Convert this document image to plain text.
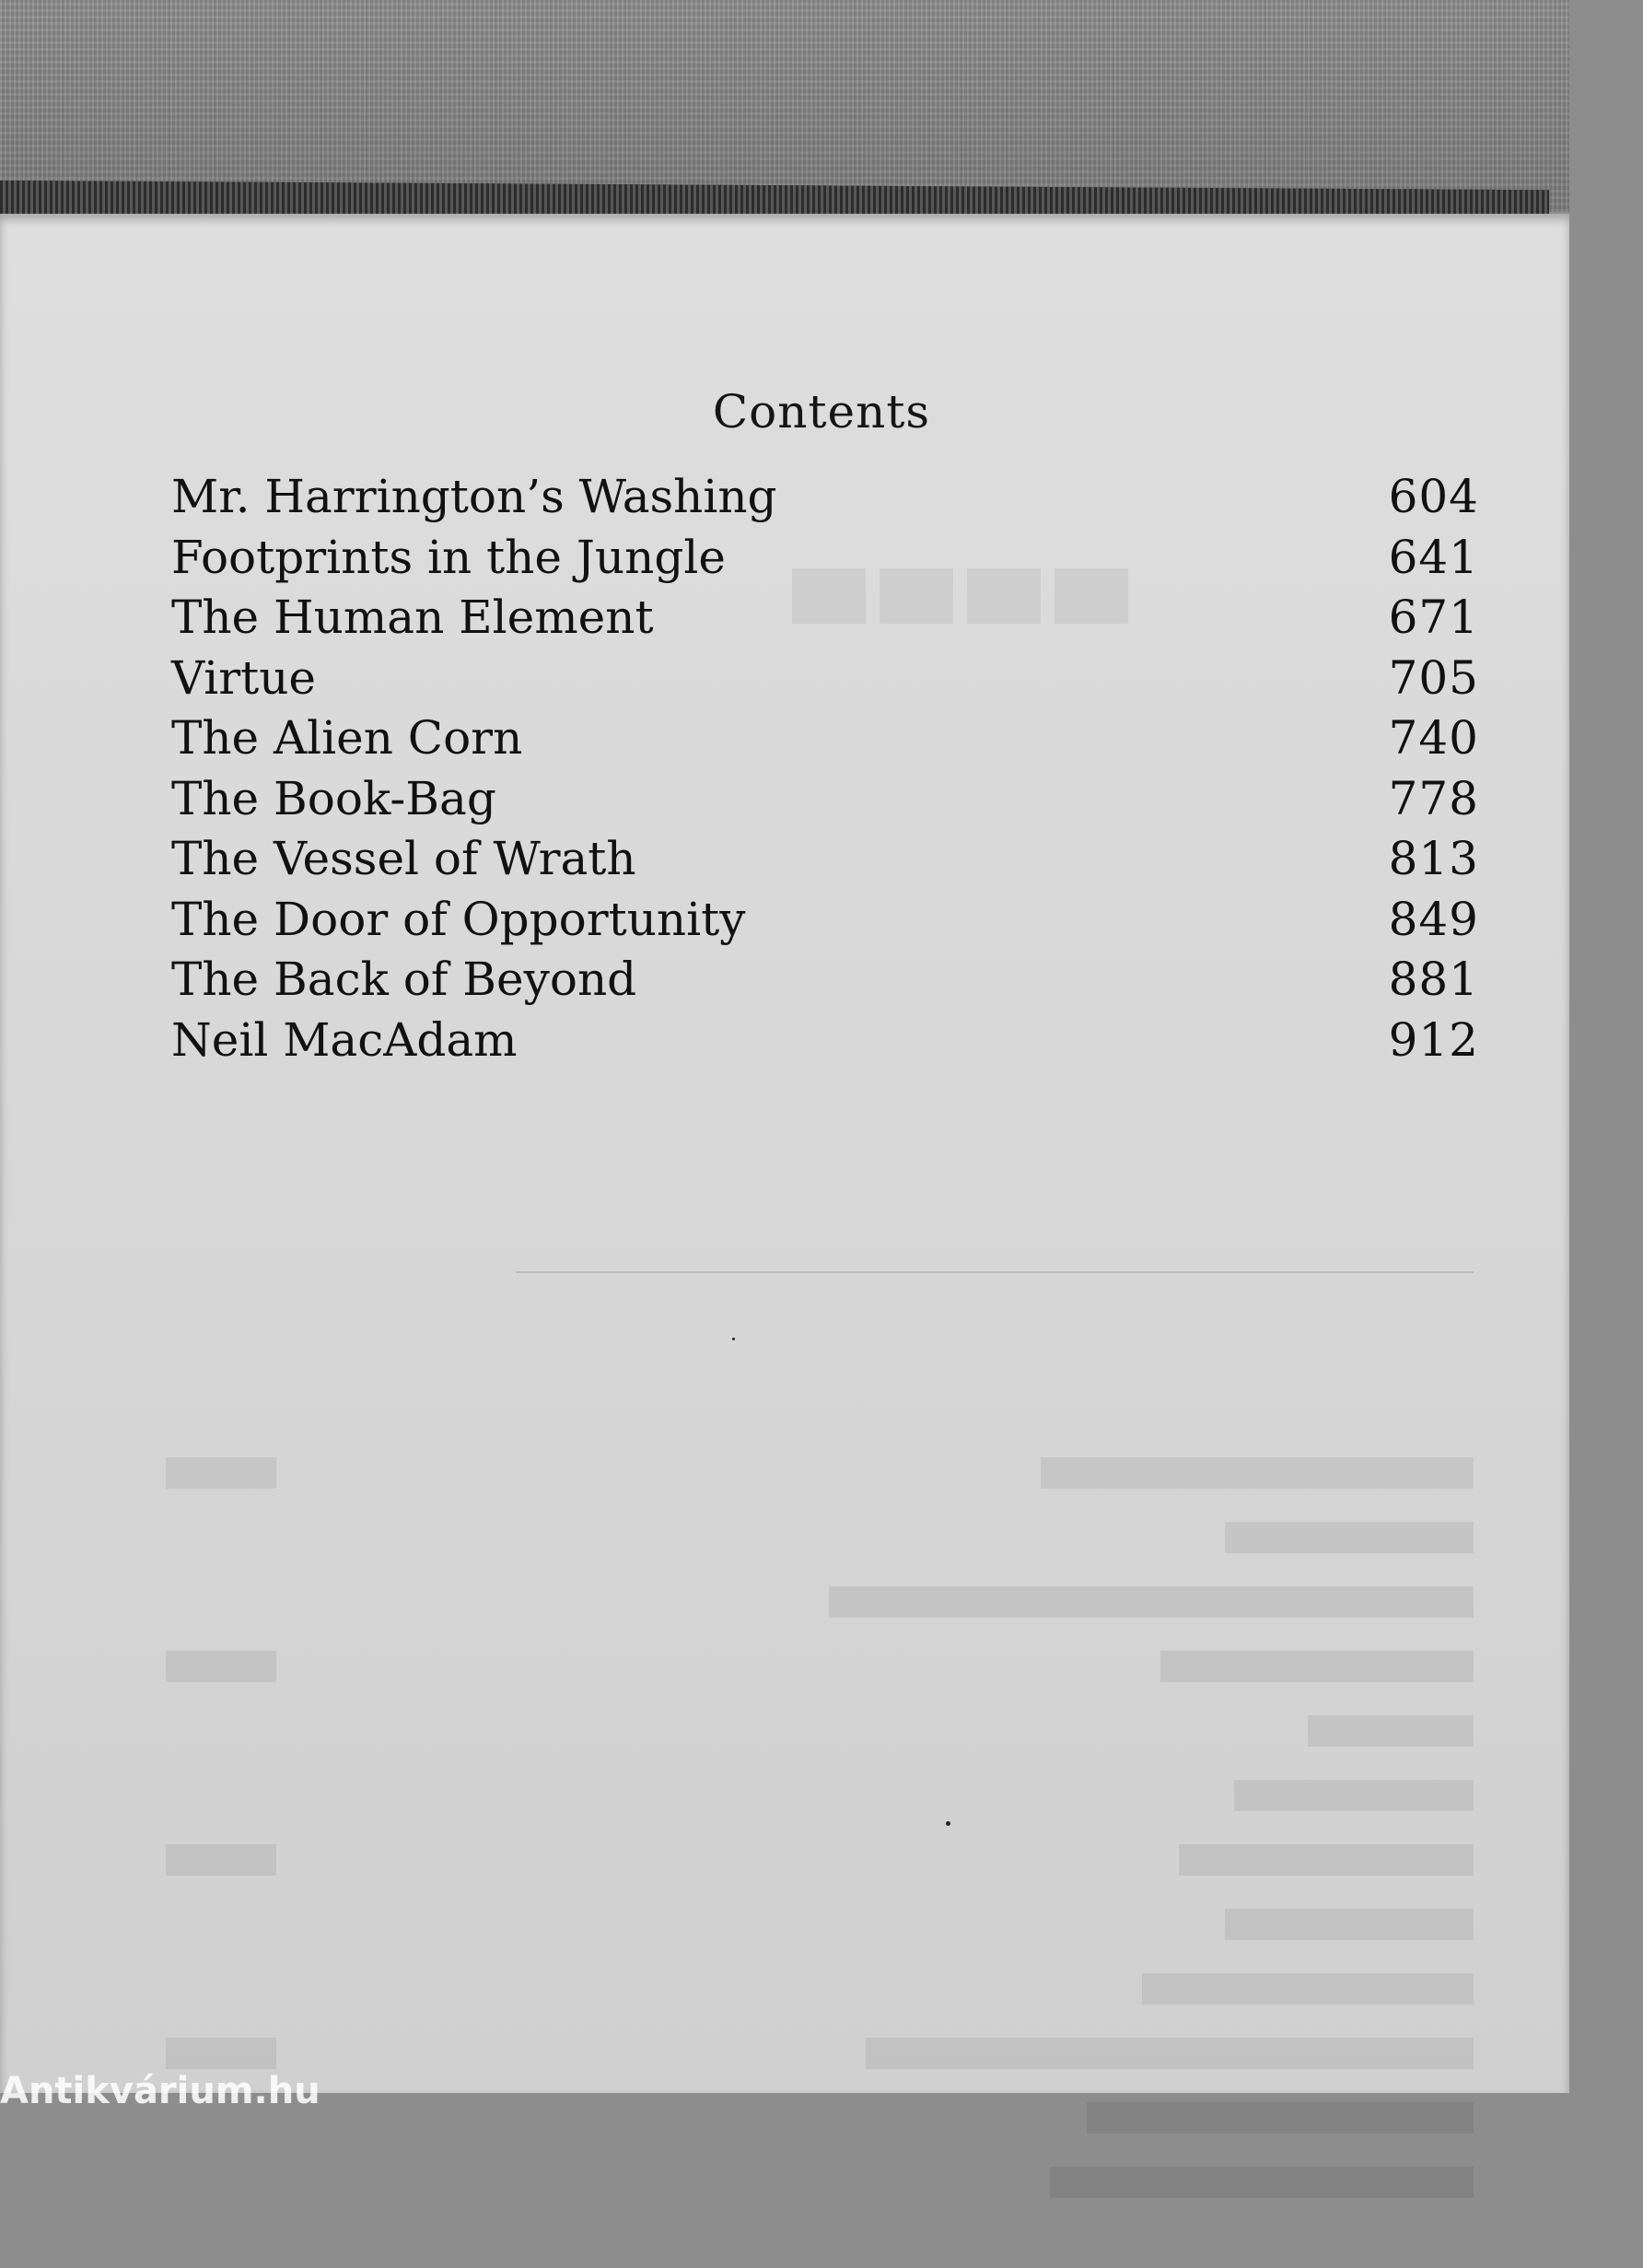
Contents
Mr. Harrington’s Washing	604
Footprints in the Jungle	641
The Human Element	671
Virtue	705
The Alien Corn	740
The Book-Bag	778
The Vessel of Wrath	813
The Door of Opportunity	849
The Back of Beyond	881
Neil MacAdam	912
Antikvárium.hu
